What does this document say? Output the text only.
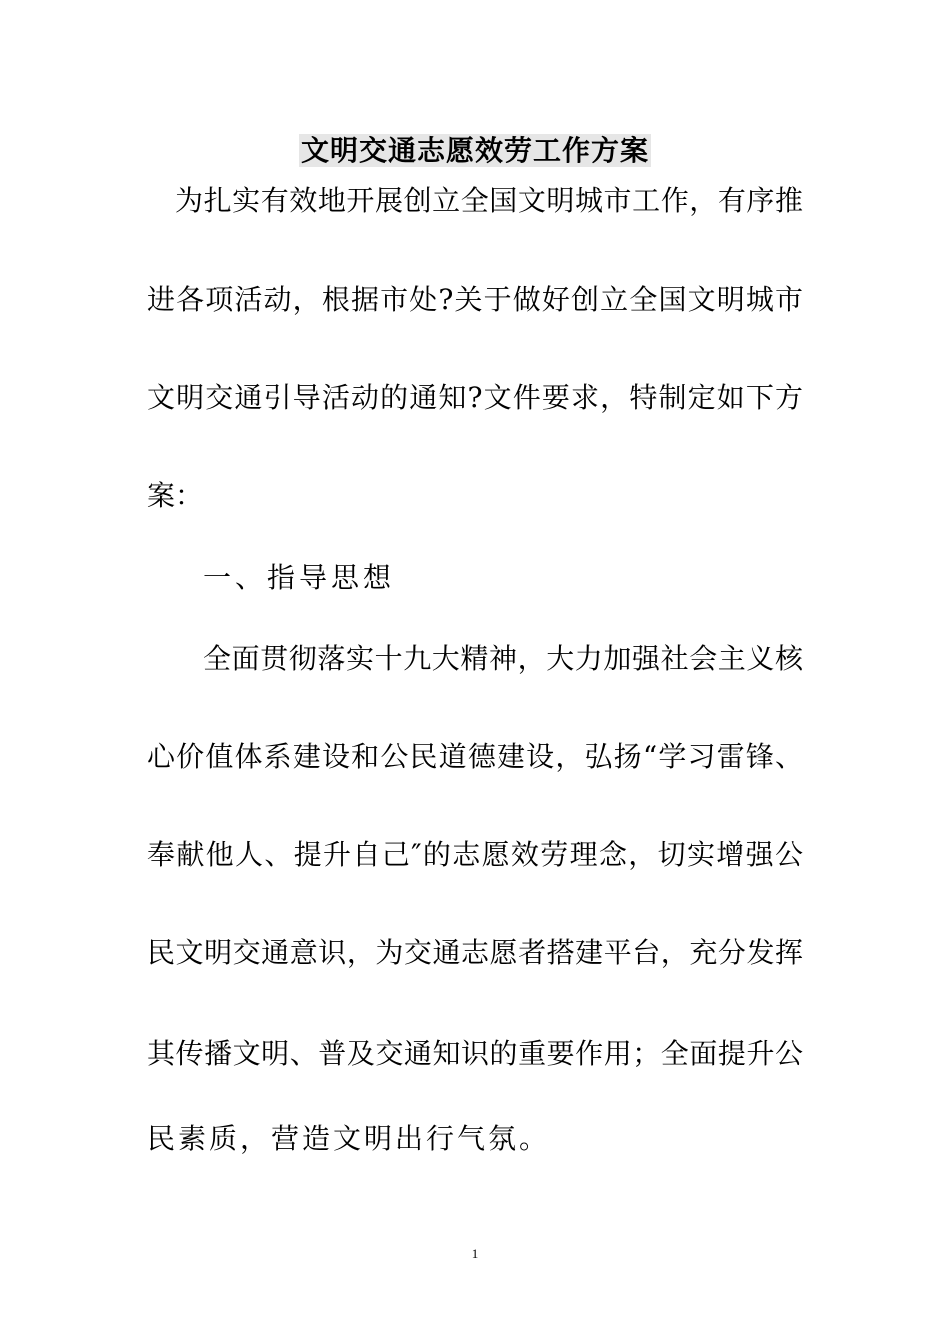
文明交通志愿效劳工作方案
为扎实有效地开展创立全国文明城市工作，有序推
进各项活动，根据市处?关于做好创立全国文明城市
文明交通引导活动的通知?文件要求，特制定如下方
案：
一、指导思想
全面贯彻落实十九大精神，大力加强社会主义核
心价值体系建设和公民道德建设，弘扬“学习雷锋、
奉献他人、提升自己″的志愿效劳理念，切实增强公
民文明交通意识，为交通志愿者搭建平台，充分发挥
其传播文明、普及交通知识的重要作用；全面提升公
民素质，营造文明出行气氛。
1
